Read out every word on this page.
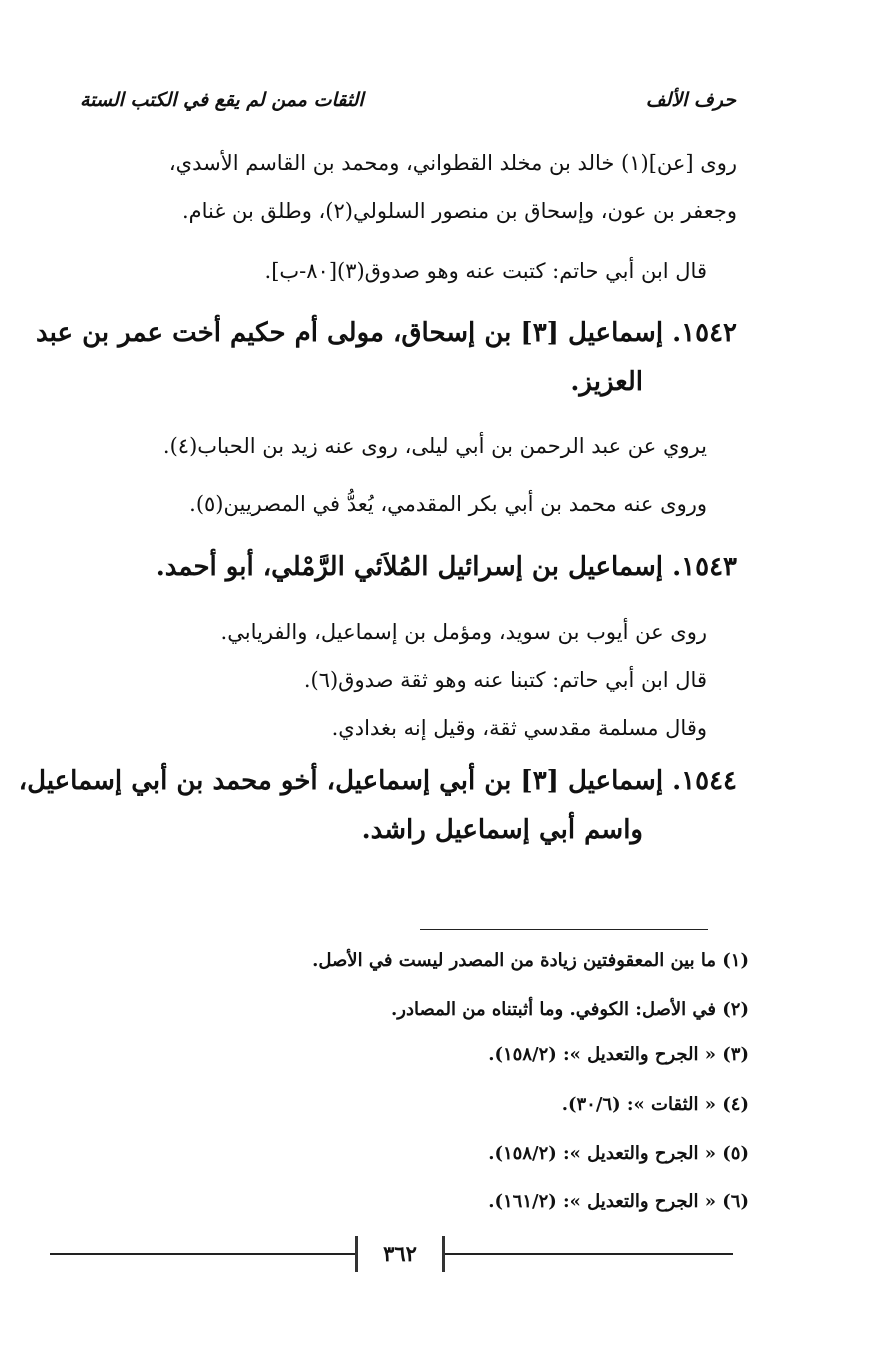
حرف الألف
الثقات ممن لم يقع في الكتب الستة
روى [عن](١) خالد بن مخلد القطواني، ومحمد بن القاسم الأسدي،
وجعفر بن عون، وإسحاق بن منصور السلولي(٢)، وطلق بن غنام.
قال ابن أبي حاتم: كتبت عنه وهو صدوق(٣)[٨٠-ب].
١٥٤٢. إسماعيل [٣] بن إسحاق، مولى أم حكيم أخت عمر بن عبد
العزيز.
يروي عن عبد الرحمن بن أبي ليلى، روى عنه زيد بن الحباب(٤).
وروى عنه محمد بن أبي بكر المقدمي، يُعدُّ في المصريين(٥).
١٥٤٣. إسماعيل بن إسرائيل المُلاَئي الرَّمْلي، أبو أحمد.
روى عن أيوب بن سويد، ومؤمل بن إسماعيل، والفريابي.
قال ابن أبي حاتم: كتبنا عنه وهو ثقة صدوق(٦).
وقال مسلمة مقدسي ثقة، وقيل إنه بغدادي.
١٥٤٤. إسماعيل [٣] بن أبي إسماعيل، أخو محمد بن أبي إسماعيل،
واسم أبي إسماعيل راشد.
(١) ما بين المعقوفتين زيادة من المصدر ليست في الأصل.
(٢) في الأصل: الكوفي. وما أثبتناه من المصادر.
(٣) « الجرح والتعديل »: (١٥٨/٢).
(٤) « الثقات »: (٣٠/٦).
(٥) « الجرح والتعديل »: (١٥٨/٢).
(٦) « الجرح والتعديل »: (١٦١/٢).
٣٦٢
